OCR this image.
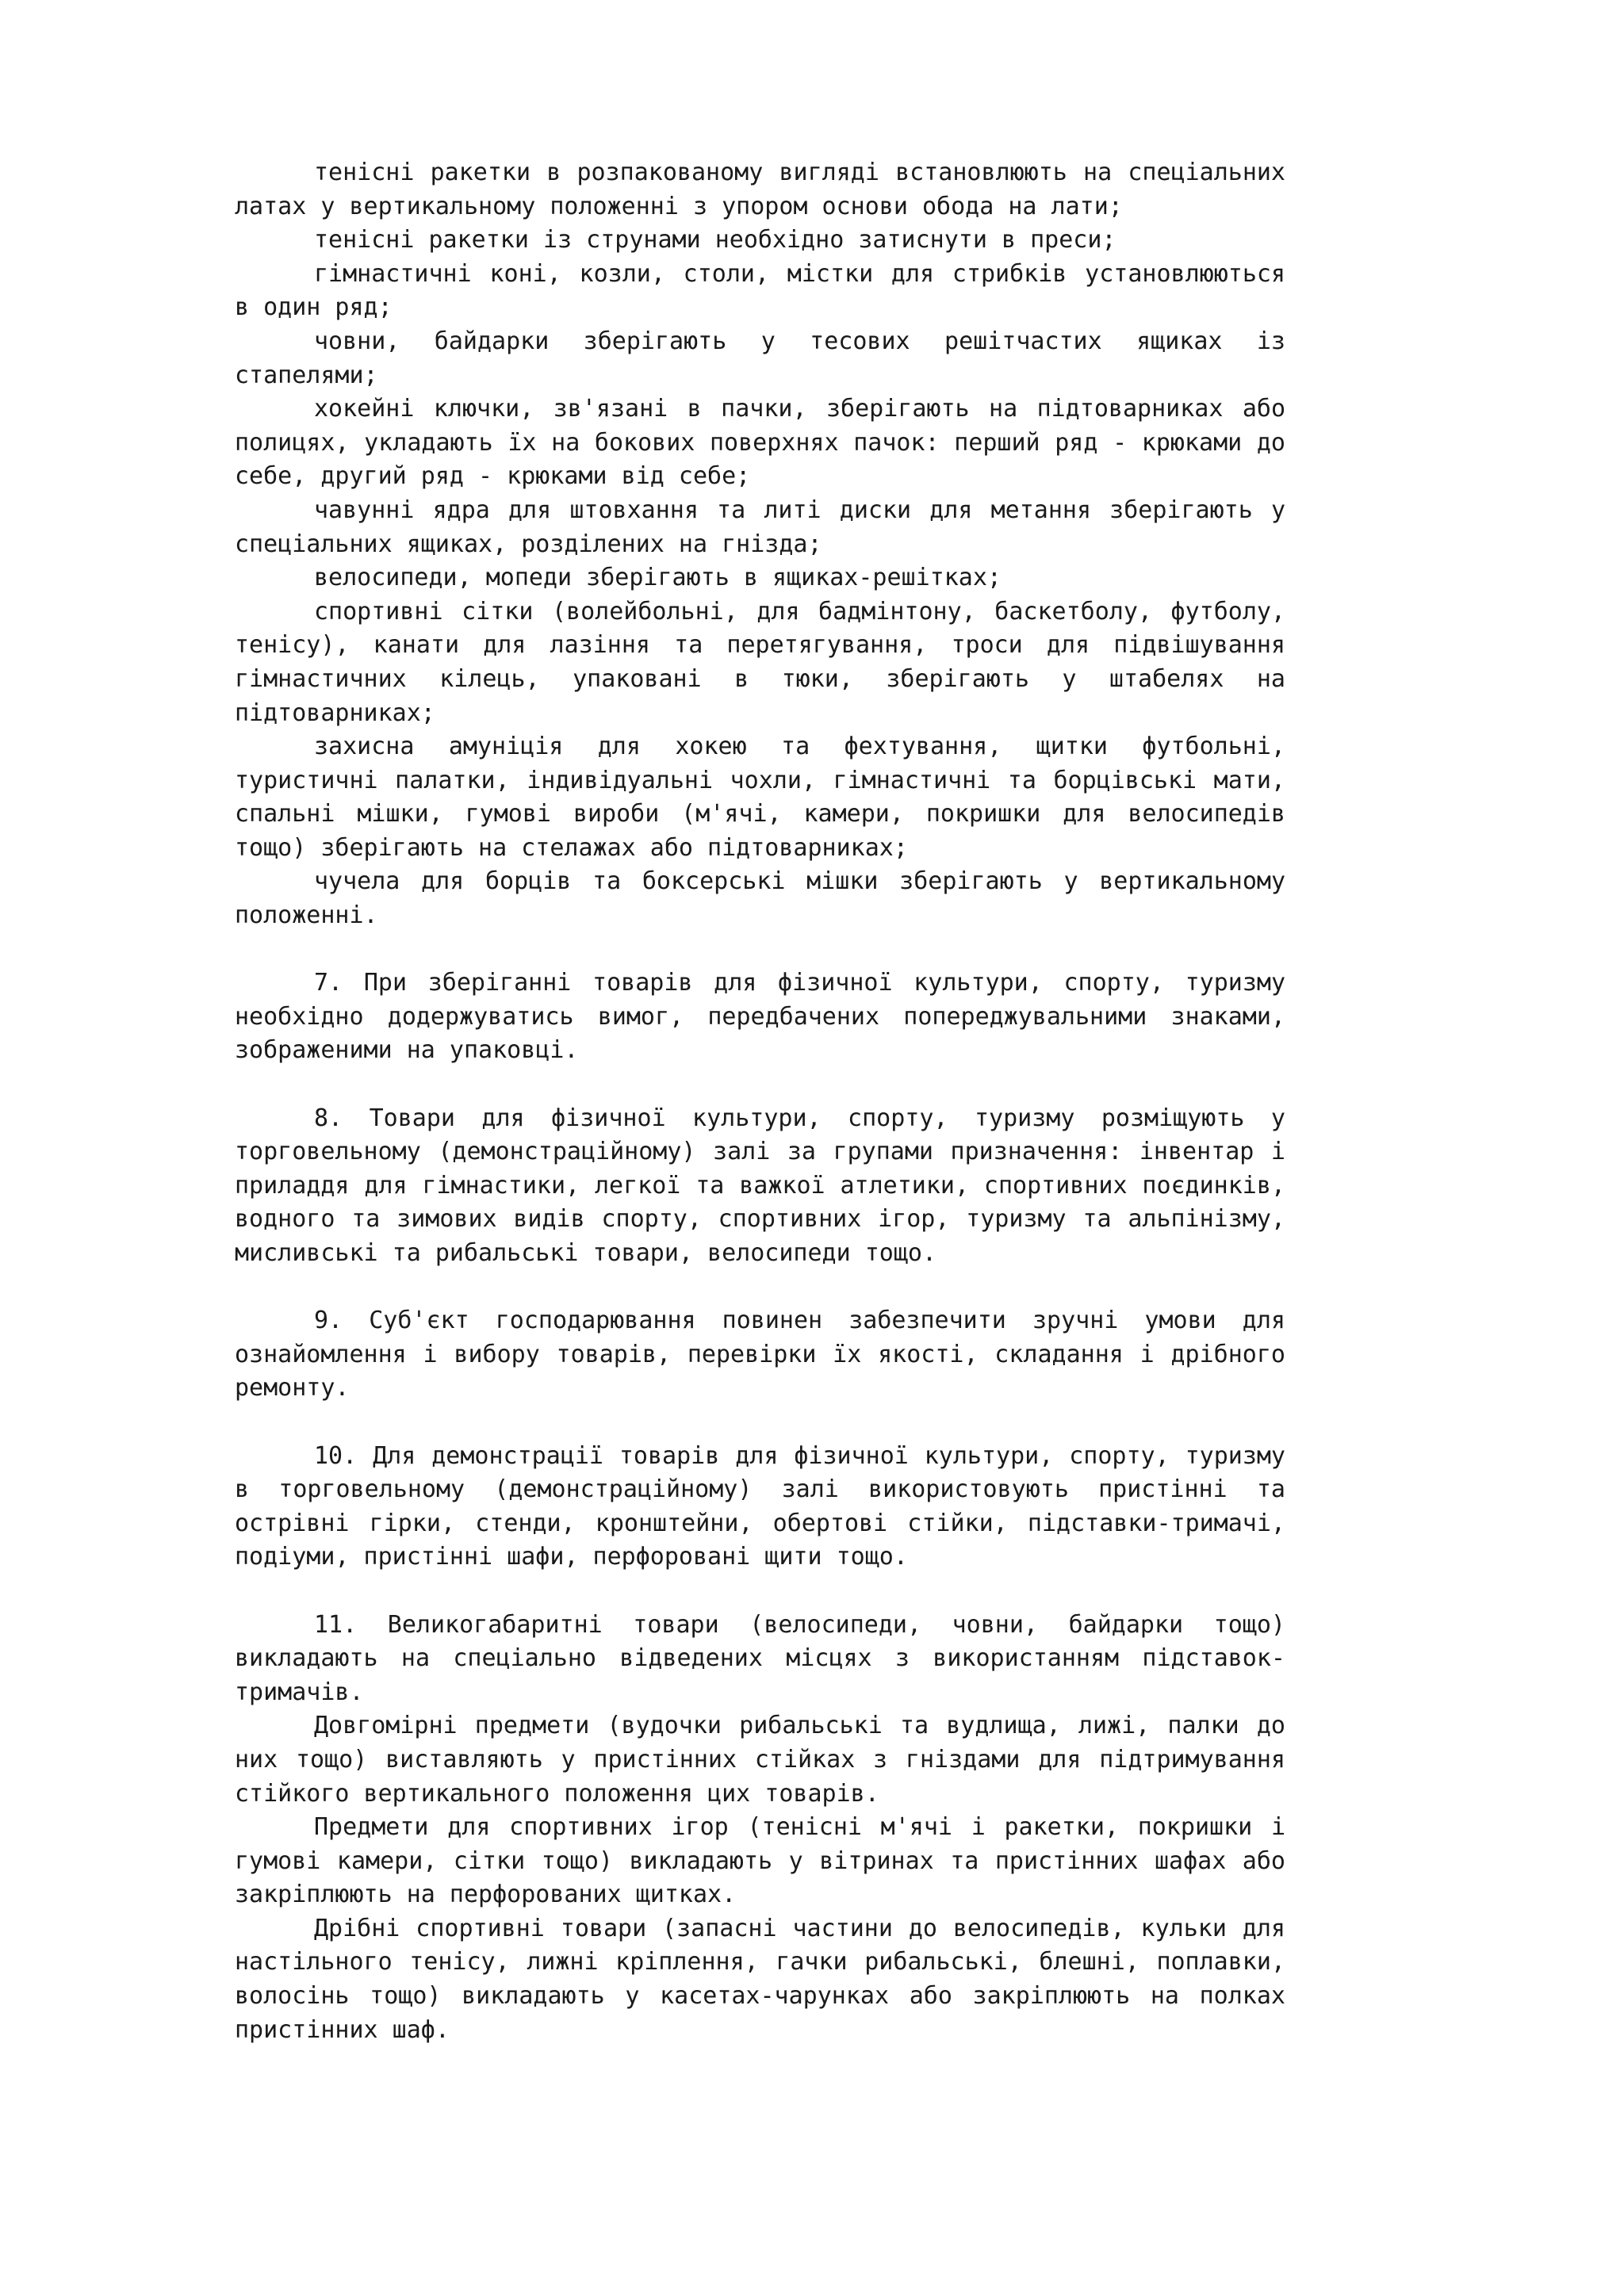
тенісні ракетки в розпакованому вигляді встановлюють на спеціальних латах у вертикальному положенні з упором основи обода на лати;

тенісні ракетки із струнами необхідно затиснути в преси;

гімнастичні коні, козли, столи, містки для стрибків установлюються в один ряд;

човни, байдарки зберігають у тесових решітчастих ящиках із стапелями;

хокейні ключки, зв'язані в пачки, зберігають на підтоварниках або полицях, укладають їх на бокових поверхнях пачок: перший ряд - крюками до себе, другий ряд - крюками від себе;

чавунні ядра для штовхання та литі диски для метання зберігають у спеціальних ящиках, розділених на гнізда;

велосипеди, мопеди зберігають в ящиках-решітках;

спортивні сітки (волейбольні, для бадмінтону, баскетболу, футболу, тенісу), канати для лазіння та перетягування, троси для підвішування гімнастичних кілець, упаковані в тюки, зберігають у штабелях на підтоварниках;

захисна амуніція для хокею та фехтування, щитки футбольні, туристичні палатки, індивідуальні чохли, гімнастичні та борцівські мати, спальні мішки, гумові вироби (м'ячі, камери, покришки для велосипедів тощо) зберігають на стелажах або підтоварниках;

чучела для борців та боксерські мішки зберігають у вертикальному положенні.

7. При зберіганні товарів для фізичної культури, спорту, туризму необхідно додержуватись вимог, передбачених попереджувальними знаками, зображеними на упаковці.

8. Товари для фізичної культури, спорту, туризму розміщують у торговельному (демонстраційному) залі за групами призначення: інвентар і приладдя для гімнастики, легкої та важкої атлетики, спортивних поєдинків, водного та зимових видів спорту, спортивних ігор, туризму та альпінізму, мисливські та рибальські товари, велосипеди тощо.

9. Суб'єкт господарювання повинен забезпечити зручні умови для ознайомлення і вибору товарів, перевірки їх якості, складання і дрібного ремонту.

10. Для демонстрації товарів для фізичної культури, спорту, туризму в торговельному (демонстраційному) залі використовують пристінні та острівні гірки, стенди, кронштейни, обертові стійки, підставки-тримачі, подіуми, пристінні шафи, перфоровані щити тощо.

11. Великогабаритні товари (велосипеди, човни, байдарки тощо) викладають на спеціально відведених місцях з використанням підставок-тримачів.

Довгомірні предмети (вудочки рибальські та вудлища, лижі, палки до них тощо) виставляють у пристінних стійках з гніздами для підтримування стійкого вертикального положення цих товарів.

Предмети для спортивних ігор (тенісні м'ячі і ракетки, покришки і гумові камери, сітки тощо) викладають у вітринах та пристінних шафах або закріплюють на перфорованих щитках.

Дрібні спортивні товари (запасні частини до велосипедів, кульки для настільного тенісу, лижні кріплення, гачки рибальські, блешні, поплавки, волосінь тощо) викладають у касетах-чарунках або закріплюють на полках пристінних шаф.
